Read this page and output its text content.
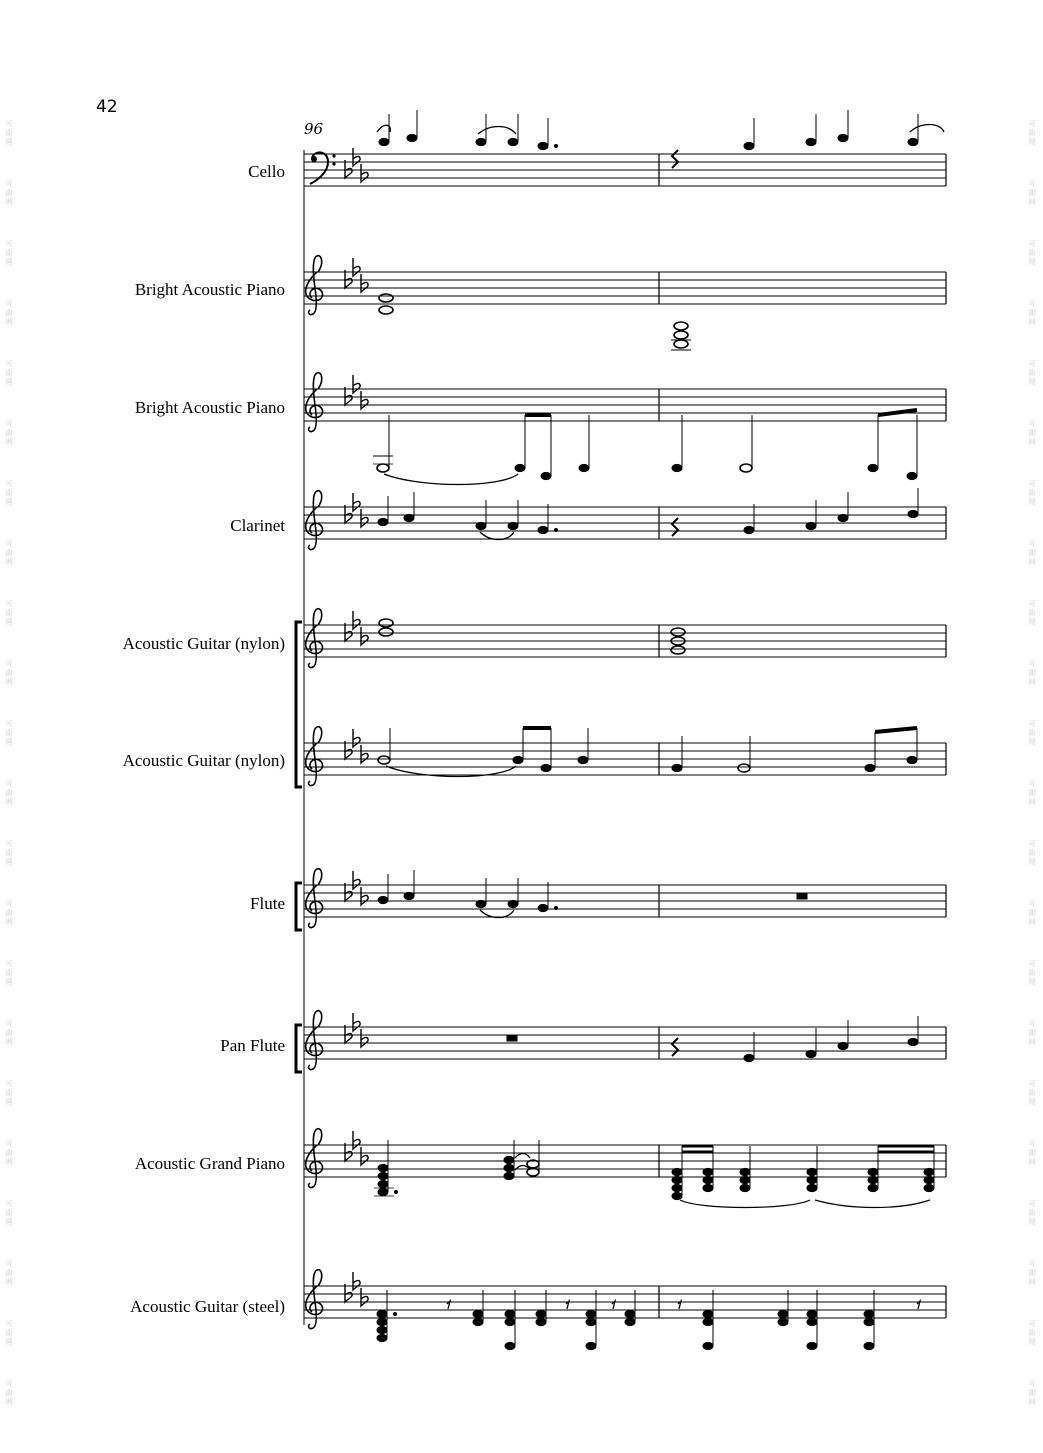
42
96
Cello
Bright Acoustic Piano
Bright Acoustic Piano
Clarinet
Acoustic Guitar (nylon)
Acoustic Guitar (nylon)
Flute
Pan Flute
Acoustic Grand Piano
Acoustic Guitar (steel)
可
曲
网
可
曲
网
可
曲
网
可
曲
网
可
曲
网
可
曲
网
可
曲
网
可
曲
网
可
曲
网
可
曲
网
可
曲
网
可
曲
网
可
曲
网
可
曲
网
可
曲
网
可
曲
网
可
曲
网
可
曲
网
可
曲
网
可
曲
网
可
曲
网
可
曲
网
可
曲
网
可
曲
网
可
曲
网
可
曲
网
可
曲
网
可
曲
网
可
曲
网
可
曲
网
可
曲
网
可
曲
网
可
曲
网
可
曲
网
可
曲
网
可
曲
网
可
曲
网
可
曲
网
可
曲
网
可
曲
网
可
曲
网
可
曲
网
可
曲
网
可
曲
网
